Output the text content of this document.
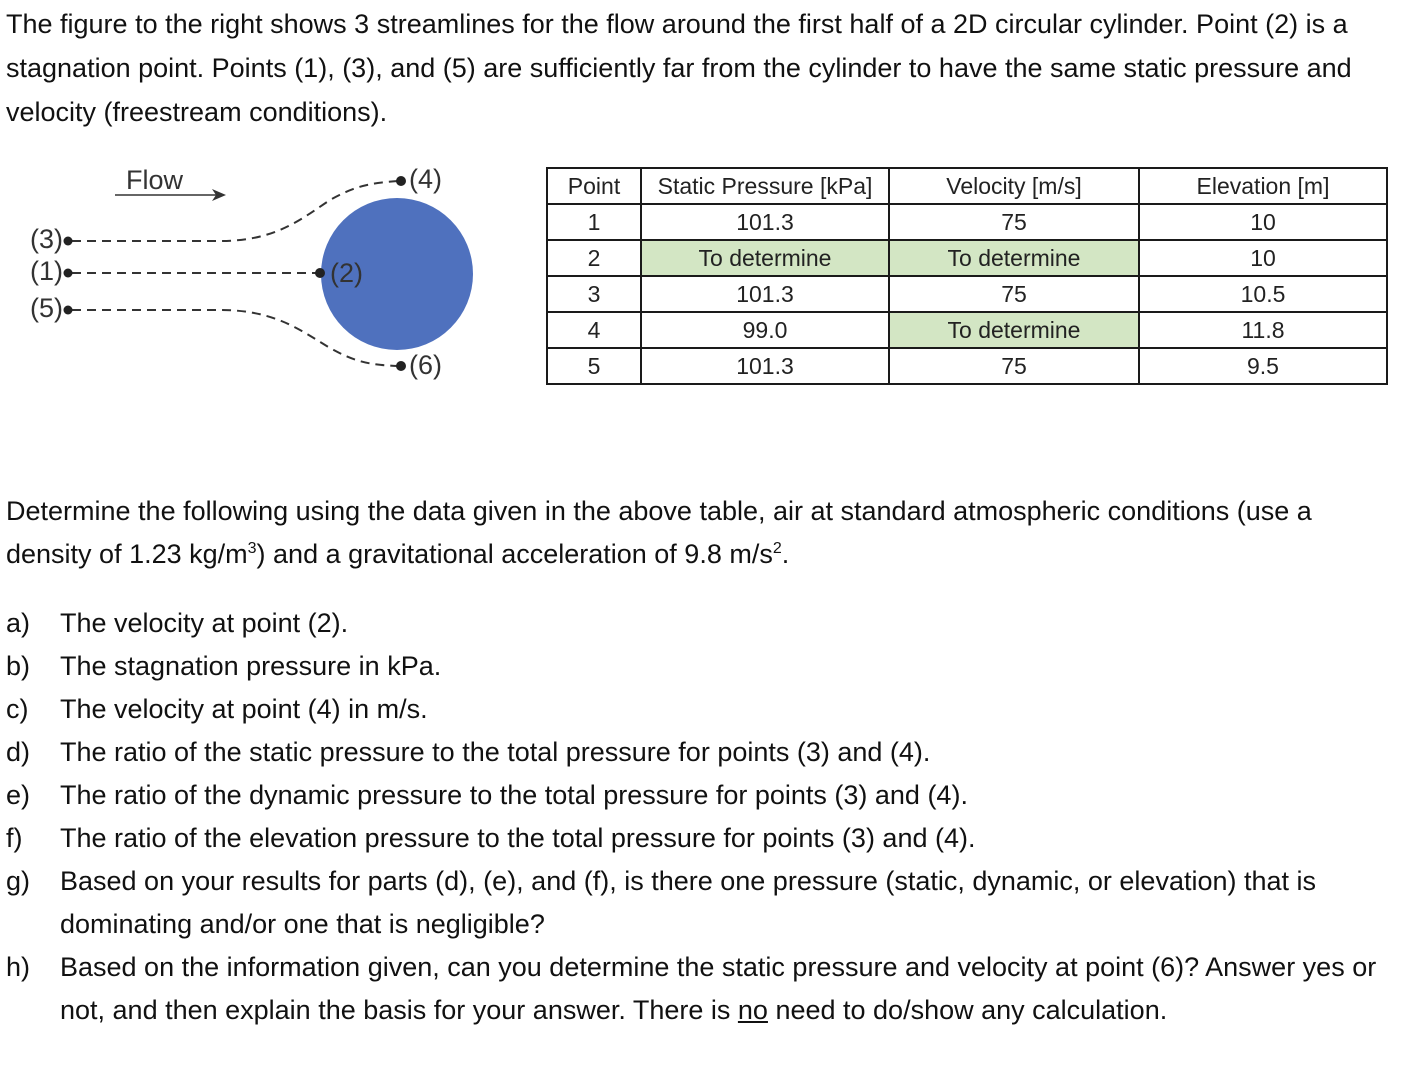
The figure to the right shows 3 streamlines for the flow around the first half of a 2D circular cylinder. Point (2) is a stagnation point. Points (1), (3), and (5) are sufficiently far from the cylinder to have the same static pressure and velocity (freestream conditions).

Flow
(3)
(1)
(5)
(2)
(4)
(6)
Point	Static Pressure [kPa]	Velocity [m/s]	Elevation [m]
1	101.3	75	10
2	To determine	To determine	10
3	101.3	75	10.5
4	99.0	To determine	11.8
5	101.3	75	9.5

Determine the following using the data given in the above table, air at standard atmospheric conditions (use a density of 1.23 $kg/m^3$) and a gravitational acceleration of 9.8 $m/s^2$.

a)	The velocity at point (2).
b)	The stagnation pressure in kPa.
c)	The velocity at point (4) in m/s.
d)	The ratio of the static pressure to the total pressure for points (3) and (4).
e)	The ratio of the dynamic pressure to the total pressure for points (3) and (4).
f)	The ratio of the elevation pressure to the total pressure for points (3) and (4).
g)	Based on your results for parts (d), (e), and (f), is there one pressure (static, dynamic, or elevation) that is dominating and/or one that is negligible?
h)	Based on the information given, can you determine the static pressure and velocity at point (6)? Answer yes or not, and then explain the basis for your answer. There is no need to do/show any calculation.
